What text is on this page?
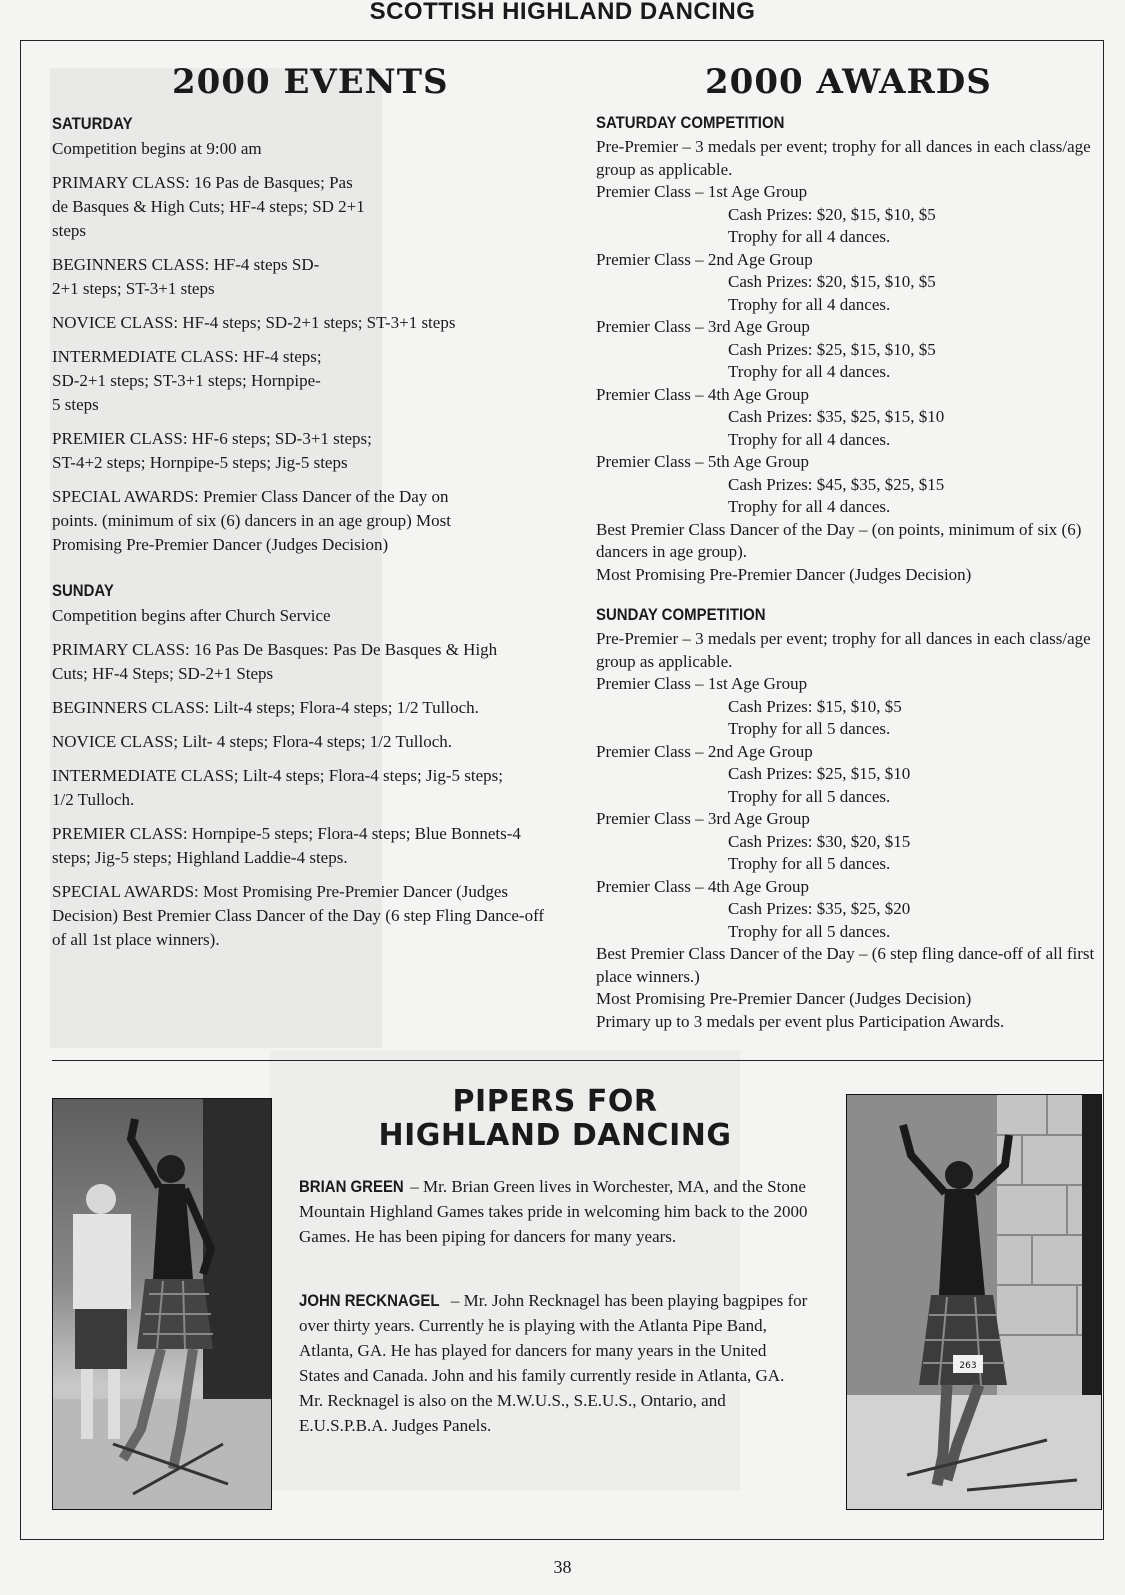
SCOTTISH HIGHLAND DANCING
2000 EVENTS
SATURDAY

Competition begins at 9:00 am

PRIMARY CLASS: 16 Pas de Basques; Pas de Basques & High Cuts; HF-4 steps; SD 2+1 steps

BEGINNERS CLASS: HF-4 steps SD-2+1 steps; ST-3+1 steps

NOVICE CLASS: HF-4 steps; SD-2+1 steps; ST-3+1 steps

INTERMEDIATE CLASS: HF-4 steps; SD-2+1 steps; ST-3+1 steps; Hornpipe-5 steps

PREMIER CLASS: HF-6 steps; SD-3+1 steps; ST-4+2 steps; Hornpipe-5 steps; Jig-5 steps

SPECIAL AWARDS: Premier Class Dancer of the Day on points. (minimum of six (6) dancers in an age group) Most Promising Pre-Premier Dancer (Judges Decision)

SUNDAY

Competition begins after Church Service

PRIMARY CLASS: 16 Pas De Basques: Pas De Basques & High Cuts; HF-4 Steps; SD-2+1 Steps

BEGINNERS CLASS: Lilt-4 steps; Flora-4 steps; 1/2 Tulloch.

NOVICE CLASS; Lilt- 4 steps; Flora-4 steps; 1/2 Tulloch.

INTERMEDIATE CLASS; Lilt-4 steps; Flora-4 steps; Jig-5 steps; 1/2 Tulloch.

PREMIER CLASS: Hornpipe-5 steps; Flora-4 steps; Blue Bonnets-4 steps; Jig-5 steps; Highland Laddie-4 steps.

SPECIAL AWARDS: Most Promising Pre-Premier Dancer (Judges Decision) Best Premier Class Dancer of the Day (6 step Fling Dance-off of all 1st place winners).

2000 AWARDS
SATURDAY COMPETITION

Pre-Premier – 3 medals per event; trophy for all dances in each class/age group as applicable.

Premier Class – 1st Age Group

Cash Prizes: $20, $15, $10, $5

Trophy for all 4 dances.

Premier Class – 2nd Age Group

Cash Prizes: $20, $15, $10, $5

Trophy for all 4 dances.

Premier Class – 3rd Age Group

Cash Prizes: $25, $15, $10, $5

Trophy for all 4 dances.

Premier Class – 4th Age Group

Cash Prizes: $35, $25, $15, $10

Trophy for all 4 dances.

Premier Class – 5th Age Group

Cash Prizes: $45, $35, $25, $15

Trophy for all 4 dances.

Best Premier Class Dancer of the Day – (on points, minimum of six (6) dancers in age group).

Most Promising Pre-Premier Dancer (Judges Decision)

SUNDAY COMPETITION

Pre-Premier – 3 medals per event; trophy for all dances in each class/age group as applicable.

Premier Class – 1st Age Group

Cash Prizes: $15, $10, $5

Trophy for all 5 dances.

Premier Class – 2nd Age Group

Cash Prizes: $25, $15, $10

Trophy for all 5 dances.

Premier Class – 3rd Age Group

Cash Prizes: $30, $20, $15

Trophy for all 5 dances.

Premier Class – 4th Age Group

Cash Prizes: $35, $25, $20

Trophy for all 5 dances.

Best Premier Class Dancer of the Day – (6 step fling dance-off of all first place winners.)

Most Promising Pre-Premier Dancer (Judges Decision)

Primary up to 3 medals per event plus Participation Awards.

263
PIPERS FOR
HIGHLAND DANCING
BRIAN GREEN – Mr. Brian Green lives in Worchester, MA, and the Stone Mountain Highland Games takes pride in welcoming him back to the 2000 Games. He has been piping for dancers for many years.
JOHN RECKNAGEL – Mr. John Recknagel has been playing bagpipes for over thirty years. Currently he is playing with the Atlanta Pipe Band, Atlanta, GA. He has played for dancers for many years in the United States and Canada. John and his family currently reside in Atlanta, GA. Mr. Recknagel is also on the M.W.U.S., S.E.U.S., Ontario, and E.U.S.P.B.A. Judges Panels.
38
